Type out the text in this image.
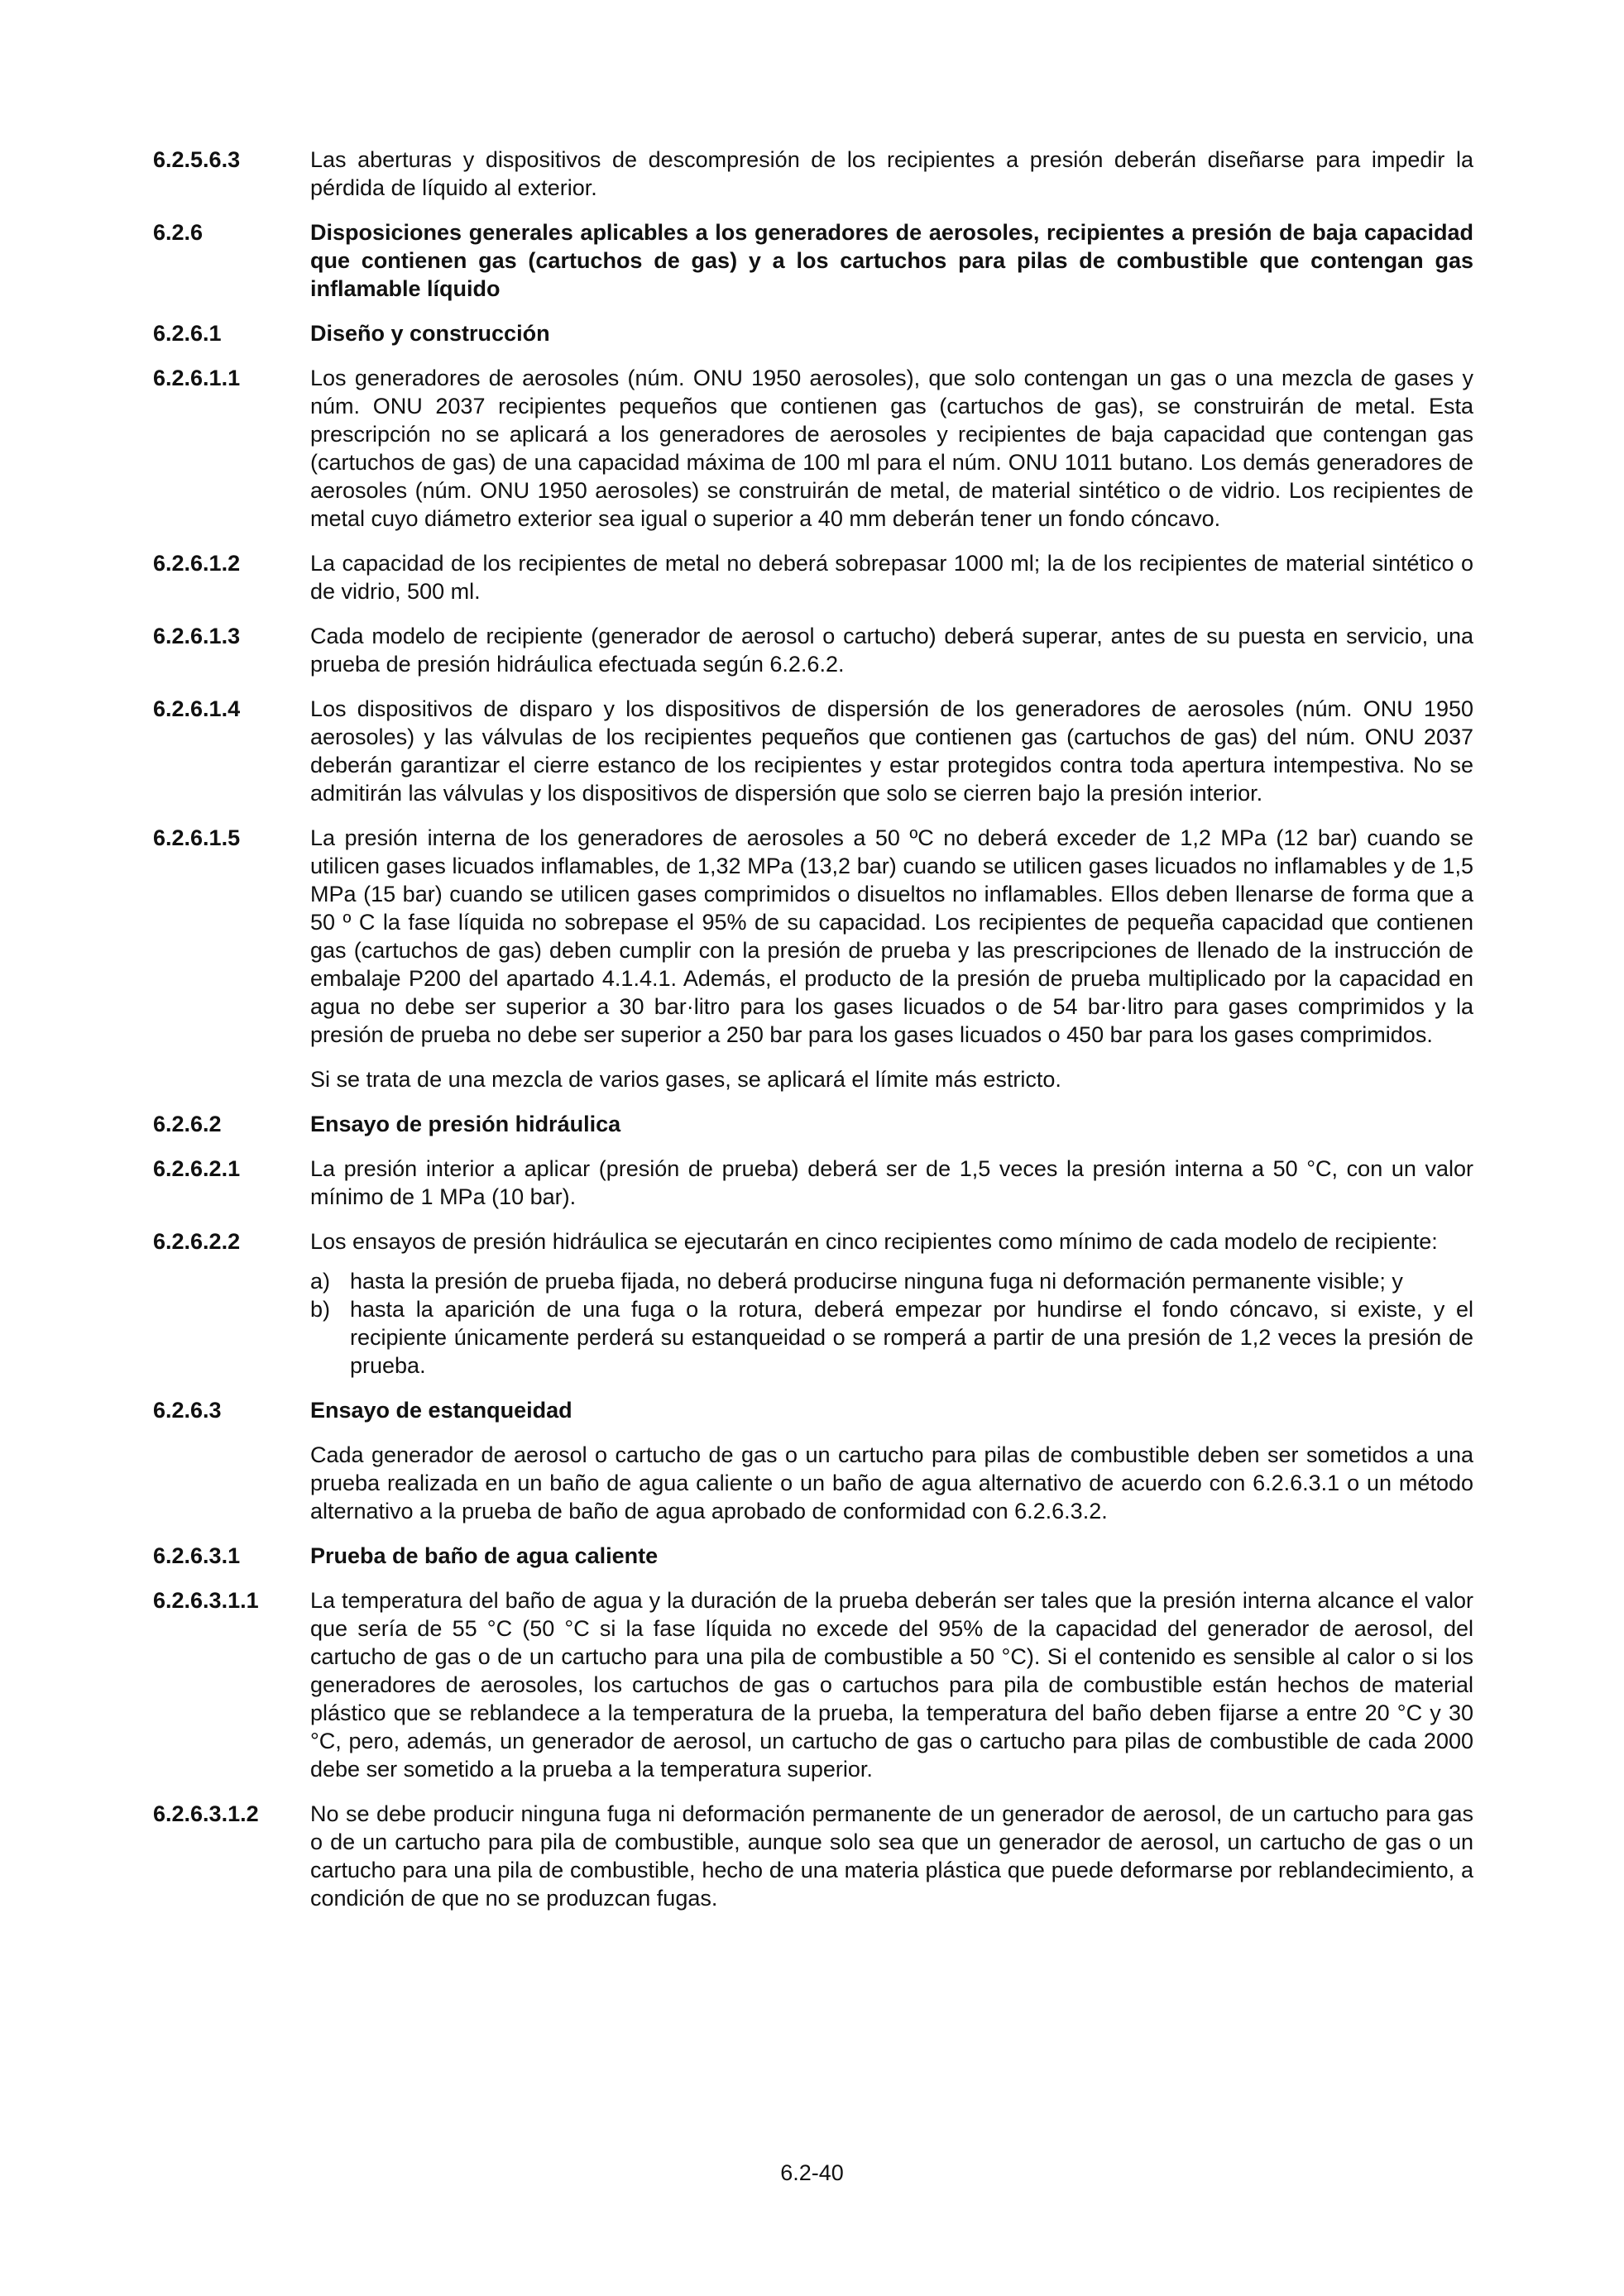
6.2.5.6.3	Las aberturas y dispositivos de descompresión de los recipientes a presión deberán diseñarse para impedir la pérdida de líquido al exterior.
6.2.6	Disposiciones generales aplicables a los generadores de aerosoles, recipientes a presión de baja capacidad que contienen gas (cartuchos de gas) y a los cartuchos para pilas de combustible que contengan gas inflamable líquido
6.2.6.1	Diseño y construcción
6.2.6.1.1	Los generadores de aerosoles (núm. ONU 1950 aerosoles), que solo contengan un gas o una mezcla de gases y núm. ONU 2037 recipientes pequeños que contienen gas (cartuchos de gas), se construirán de metal. Esta prescripción no se aplicará a los generadores de aerosoles y recipientes de baja capacidad que contengan gas (cartuchos de gas) de una capacidad máxima de 100 ml para el núm. ONU 1011 butano. Los demás generadores de aerosoles (núm. ONU 1950 aerosoles) se construirán de metal, de material sintético o de vidrio. Los recipientes de metal cuyo diámetro exterior sea igual o superior a 40 mm deberán tener un fondo cóncavo.
6.2.6.1.2	La capacidad de los recipientes de metal no deberá sobrepasar 1000 ml; la de los recipientes de material sintético o de vidrio, 500 ml.
6.2.6.1.3	Cada modelo de recipiente (generador de aerosol o cartucho) deberá superar, antes de su puesta en servicio, una prueba de presión hidráulica efectuada según 6.2.6.2.
6.2.6.1.4	Los dispositivos de disparo y los dispositivos de dispersión de los generadores de aerosoles (núm. ONU 1950 aerosoles) y las válvulas de los recipientes pequeños que contienen gas (cartuchos de gas) del núm. ONU 2037 deberán garantizar el cierre estanco de los recipientes y estar protegidos contra toda apertura intempestiva. No se admitirán las válvulas y los dispositivos de dispersión que solo se cierren bajo la presión interior.
6.2.6.1.5	La presión interna de los generadores de aerosoles a 50 ºC no deberá exceder de 1,2 MPa (12 bar) cuando se utilicen gases licuados inflamables, de 1,32 MPa (13,2 bar) cuando se utilicen gases licuados no inflamables y de 1,5 MPa (15 bar) cuando se utilicen gases comprimidos o disueltos no inflamables. Ellos deben llenarse de forma que a 50 º C la fase líquida no sobrepase el 95% de su capacidad. Los recipientes de pequeña capacidad que contienen gas (cartuchos de gas) deben cumplir con la presión de prueba y las prescripciones de llenado de la instrucción de embalaje P200 del apartado 4.1.4.1. Además, el producto de la presión de prueba multiplicado por la capacidad en agua no debe ser superior a 30 bar·litro para los gases licuados o de 54 bar·litro para gases comprimidos y la presión de prueba no debe ser superior a 250 bar para los gases licuados o 450 bar para los gases comprimidos.
Si se trata de una mezcla de varios gases, se aplicará el límite más estricto.
6.2.6.2	Ensayo de presión hidráulica
6.2.6.2.1	La presión interior a aplicar (presión de prueba) deberá ser de 1,5 veces la presión interna a 50 °C, con un valor mínimo de 1 MPa (10 bar).
6.2.6.2.2	Los ensayos de presión hidráulica se ejecutarán en cinco recipientes como mínimo de cada modelo de recipiente:
a) hasta la presión de prueba fijada, no deberá producirse ninguna fuga ni deformación permanente visible; y
b) hasta la aparición de una fuga o la rotura, deberá empezar por hundirse el fondo cóncavo, si existe, y el recipiente únicamente perderá su estanqueidad o se romperá a partir de una presión de 1,2 veces la presión de prueba.
6.2.6.3	Ensayo de estanqueidad
Cada generador de aerosol o cartucho de gas o un cartucho para pilas de combustible deben ser sometidos a una prueba realizada en un baño de agua caliente o un baño de agua alternativo de acuerdo con 6.2.6.3.1 o un método alternativo a la prueba de baño de agua aprobado de conformidad con 6.2.6.3.2.
6.2.6.3.1	Prueba de baño de agua caliente
6.2.6.3.1.1	La temperatura del baño de agua y la duración de la prueba deberán ser tales que la presión interna alcance el valor que sería de 55 °C (50 °C si la fase líquida no excede del 95% de la capacidad del generador de aerosol, del cartucho de gas o de un cartucho para una pila de combustible a 50 °C). Si el contenido es sensible al calor o si los generadores de aerosoles, los cartuchos de gas o cartuchos para pila de combustible están hechos de material plástico que se reblandece a la temperatura de la prueba, la temperatura del baño deben fijarse a entre 20 °C y 30 °C, pero, además, un generador de aerosol, un cartucho de gas o cartucho para pilas de combustible de cada 2000 debe ser sometido a la prueba a la temperatura superior.
6.2.6.3.1.2	No se debe producir ninguna fuga ni deformación permanente de un generador de aerosol, de un cartucho para gas o de un cartucho para pila de combustible, aunque solo sea que un generador de aerosol, un cartucho de gas o un cartucho para una pila de combustible, hecho de una materia plástica que puede deformarse por reblandecimiento, a condición de que no se produzcan fugas.
6.2-40
